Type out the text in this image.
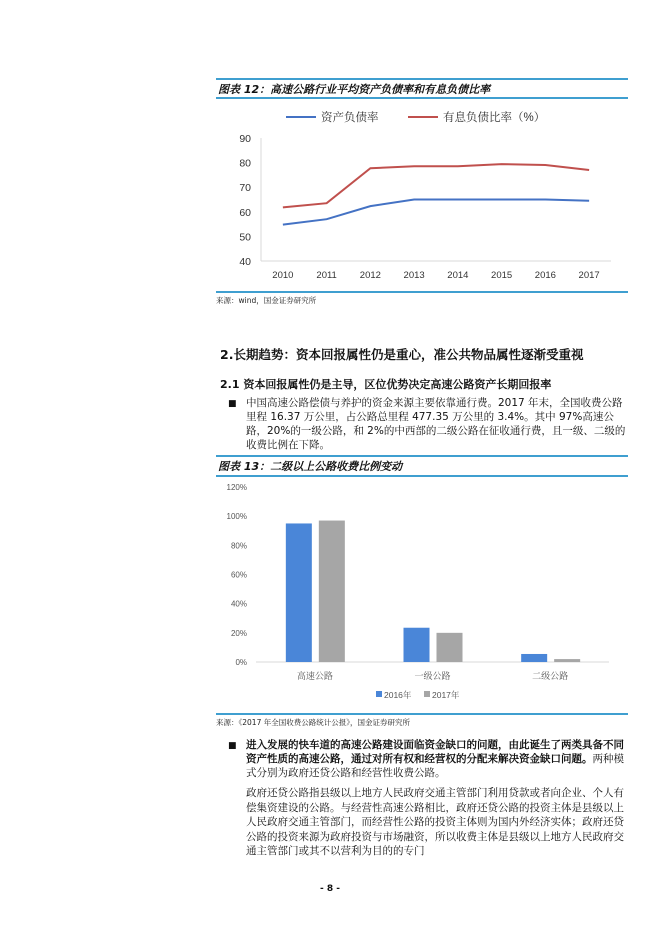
图表 12：高速公路行业平均资产负债率和有息负债比率
40
50
60
70
80
90
2010 2011 2012 2013 2014 2015 2016 2017
资产负债率	有息负债比率（%）
来源：wind，国金证券研究所
2.长期趋势：资本回报属性仍是重心，准公共物品属性逐渐受重视
2.1 资本回报属性仍是主导，区位优势决定高速公路资产长期回报率
■ 中国高速公路偿债与养护的资金来源主要依靠通行费。2017 年末，全国收费公路里程 16.37 万公里，占公路总里程 477.35 万公里的 3.4%。其中 97%高速公路，20%的一级公路，和 2%的中西部的二级公路在征收通行费，且一级、二级的收费比例在下降。
图表 13：二级以上公路收费比例变动
0%
20%
40%
60%
80%
100%
120%
高速公路	一级公路	二级公路
2016年 2017年
来源：《2017 年全国收费公路统计公报》，国金证券研究所
■ 进入发展的快车道的高速公路建设面临资金缺口的问题，由此诞生了两类具备不同资产性质的高速公路，通过对所有权和经营权的分配来解决资金缺口问题。两种模式分别为政府还贷公路和经营性收费公路。
政府还贷公路指县级以上地方人民政府交通主管部门利用贷款或者向企业、个人有偿集资建设的公路。与经营性高速公路相比，政府还贷公路的投资主体是县级以上人民政府交通主管部门，而经营性公路的投资主体则为国内外经济实体；政府还贷公路的投资来源为政府投资与市场融资，所以收费主体是县级以上地方人民政府交通主管部门或其不以营利为目的的专门
- 8 -
